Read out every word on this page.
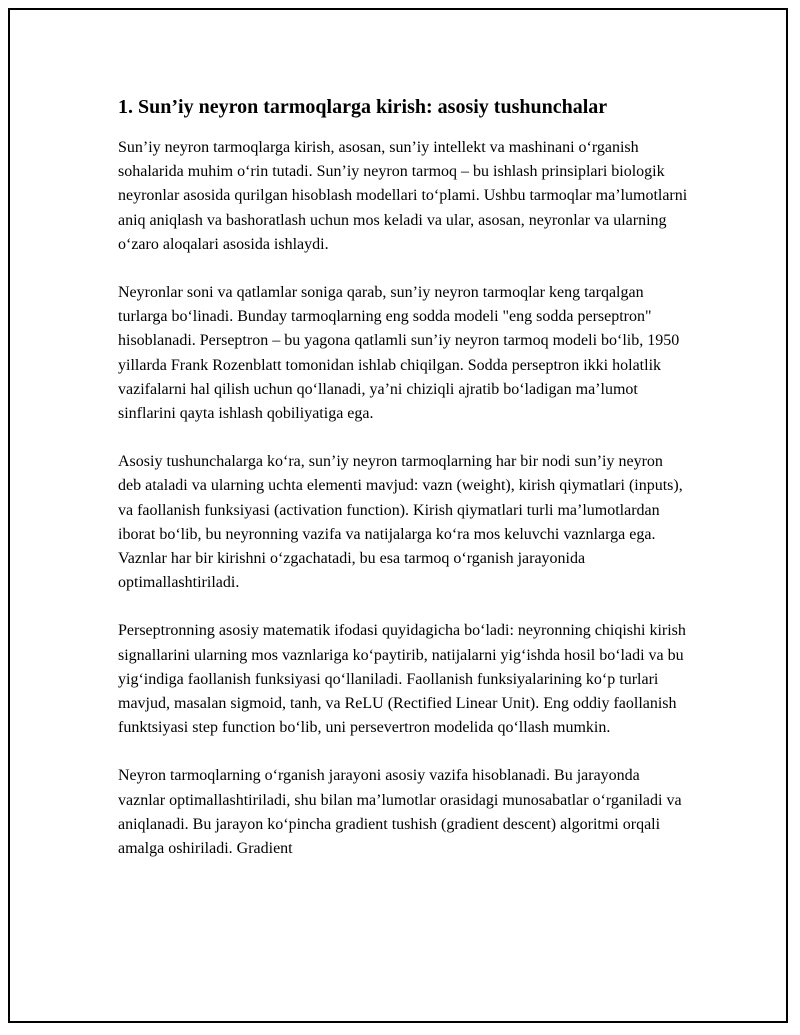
1. Sun’iy neyron tarmoqlarga kirish: asosiy tushunchalar

Sun’iy neyron tarmoqlarga kirish, asosan, sun’iy intellekt va mashinani o‘rganish sohalarida muhim o‘rin tutadi. Sun’iy neyron tarmoq – bu ishlash prinsiplari biologik neyronlar asosida qurilgan hisoblash modellari to‘plami. Ushbu tarmoqlar ma’lumotlarni aniq aniqlash va bashoratlash uchun mos keladi va ular, asosan, neyronlar va ularning o‘zaro aloqalari asosida ishlaydi.

Neyronlar soni va qatlamlar soniga qarab, sun’iy neyron tarmoqlar keng tarqalgan turlarga bo‘linadi. Bunday tarmoqlarning eng sodda modeli "eng sodda perseptron" hisoblanadi. Perseptron – bu yagona qatlamli sun’iy neyron tarmoq modeli bo‘lib, 1950 yillarda Frank Rozenblatt tomonidan ishlab chiqilgan. Sodda perseptron ikki holatlik vazifalarni hal qilish uchun qo‘llanadi, ya’ni chiziqli ajratib bo‘ladigan ma’lumot sinflarini qayta ishlash qobiliyatiga ega.

Asosiy tushunchalarga ko‘ra, sun’iy neyron tarmoqlarning har bir nodi sun’iy neyron deb ataladi va ularning uchta elementi mavjud: vazn (weight), kirish qiymatlari (inputs), va faollanish funksiyasi (activation function). Kirish qiymatlari turli ma’lumotlardan iborat bo‘lib, bu neyronning vazifa va natijalarga ko‘ra mos keluvchi vaznlarga ega. Vaznlar har bir kirishni o‘zgachatadi, bu esa tarmoq o‘rganish jarayonida optimallashtiriladi.

Perseptronning asosiy matematik ifodasi quyidagicha bo‘ladi: neyronning chiqishi kirish signallarini ularning mos vaznlariga ko‘paytirib, natijalarni yig‘ishda hosil bo‘ladi va bu yig‘indiga faollanish funksiyasi qo‘llaniladi. Faollanish funksiyalarining ko‘p turlari mavjud, masalan sigmoid, tanh, va ReLU (Rectified Linear Unit). Eng oddiy faollanish funktsiyasi step function bo‘lib, uni persevertron modelida qo‘llash mumkin.

Neyron tarmoqlarning o‘rganish jarayoni asosiy vazifa hisoblanadi. Bu jarayonda vaznlar optimallashtiriladi, shu bilan ma’lumotlar orasidagi munosabatlar o‘rganiladi va aniqlanadi. Bu jarayon ko‘pincha gradient tushish (gradient descent) algoritmi orqali amalga oshiriladi. Gradient
